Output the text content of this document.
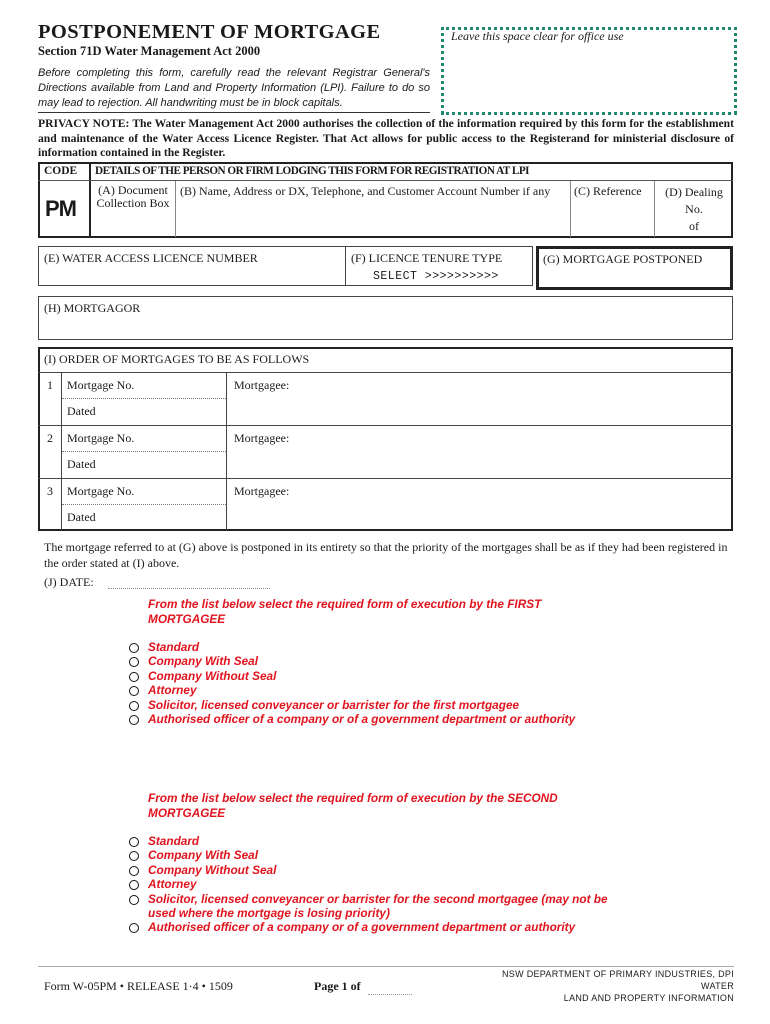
POSTPONEMENT OF MORTGAGE
Section 71D Water Management Act 2000
Before completing this form, carefully read the relevant Registrar General's Directions available from Land and Property Information (LPI). Failure to do so may lead to rejection. All handwriting must be in block capitals.
Leave this space clear for office use
PRIVACY NOTE: The Water Management Act 2000 authorises the collection of the information required by this form for the establishment and maintenance of the Water Access Licence Register. That Act allows for public access to the Registerand for ministerial disclosure of information contained in the Register.
CODE
PM
DETAILS OF THE PERSON OR FIRM LODGING THIS FORM FOR REGISTRATION AT LPI
(A) Document Collection Box
(B) Name, Address or DX, Telephone, and Customer Account Number if any (C) Reference	(D) Dealing
No.
of
(E) WATER ACCESS LICENCE NUMBER	(F) LICENCE TENURE TYPE
SELECT >>>>>>>>>>
(G) MORTGAGE POSTPONED
(H) MORTGAGOR
(I) ORDER OF MORTGAGES TO BE AS FOLLOWS
1 Mortgage No.
Dated
Mortgagee:
2 Mortgage No.
Dated
Mortgagee:
3 Mortgage No.
Dated
Mortgagee:
The mortgage referred to at (G) above is postponed in its entirety so that the priority of the mortgages shall be as if they had been registered in the order stated at (I) above.
(J) DATE:
From the list below select the required form of execution by the FIRST MORTGAGEE
Standard
Company With Seal
Company Without Seal
Attorney
Solicitor, licensed conveyancer or barrister for the first mortgagee
Authorised officer of a company or of a government department or authority
From the list below select the required form of execution by the SECOND MORTGAGEE
Standard
Company With Seal
Company Without Seal
Attorney
Solicitor, licensed conveyancer or barrister for the second mortgagee (may not be
used where the mortgage is losing priority)
Authorised officer of a company or of a government department or authority
Form W-05PM • RELEASE 1·4 • 1509	Page 1 of
NSW DEPARTMENT OF PRIMARY INDUSTRIES, DPI WATER
LAND AND PROPERTY INFORMATION
